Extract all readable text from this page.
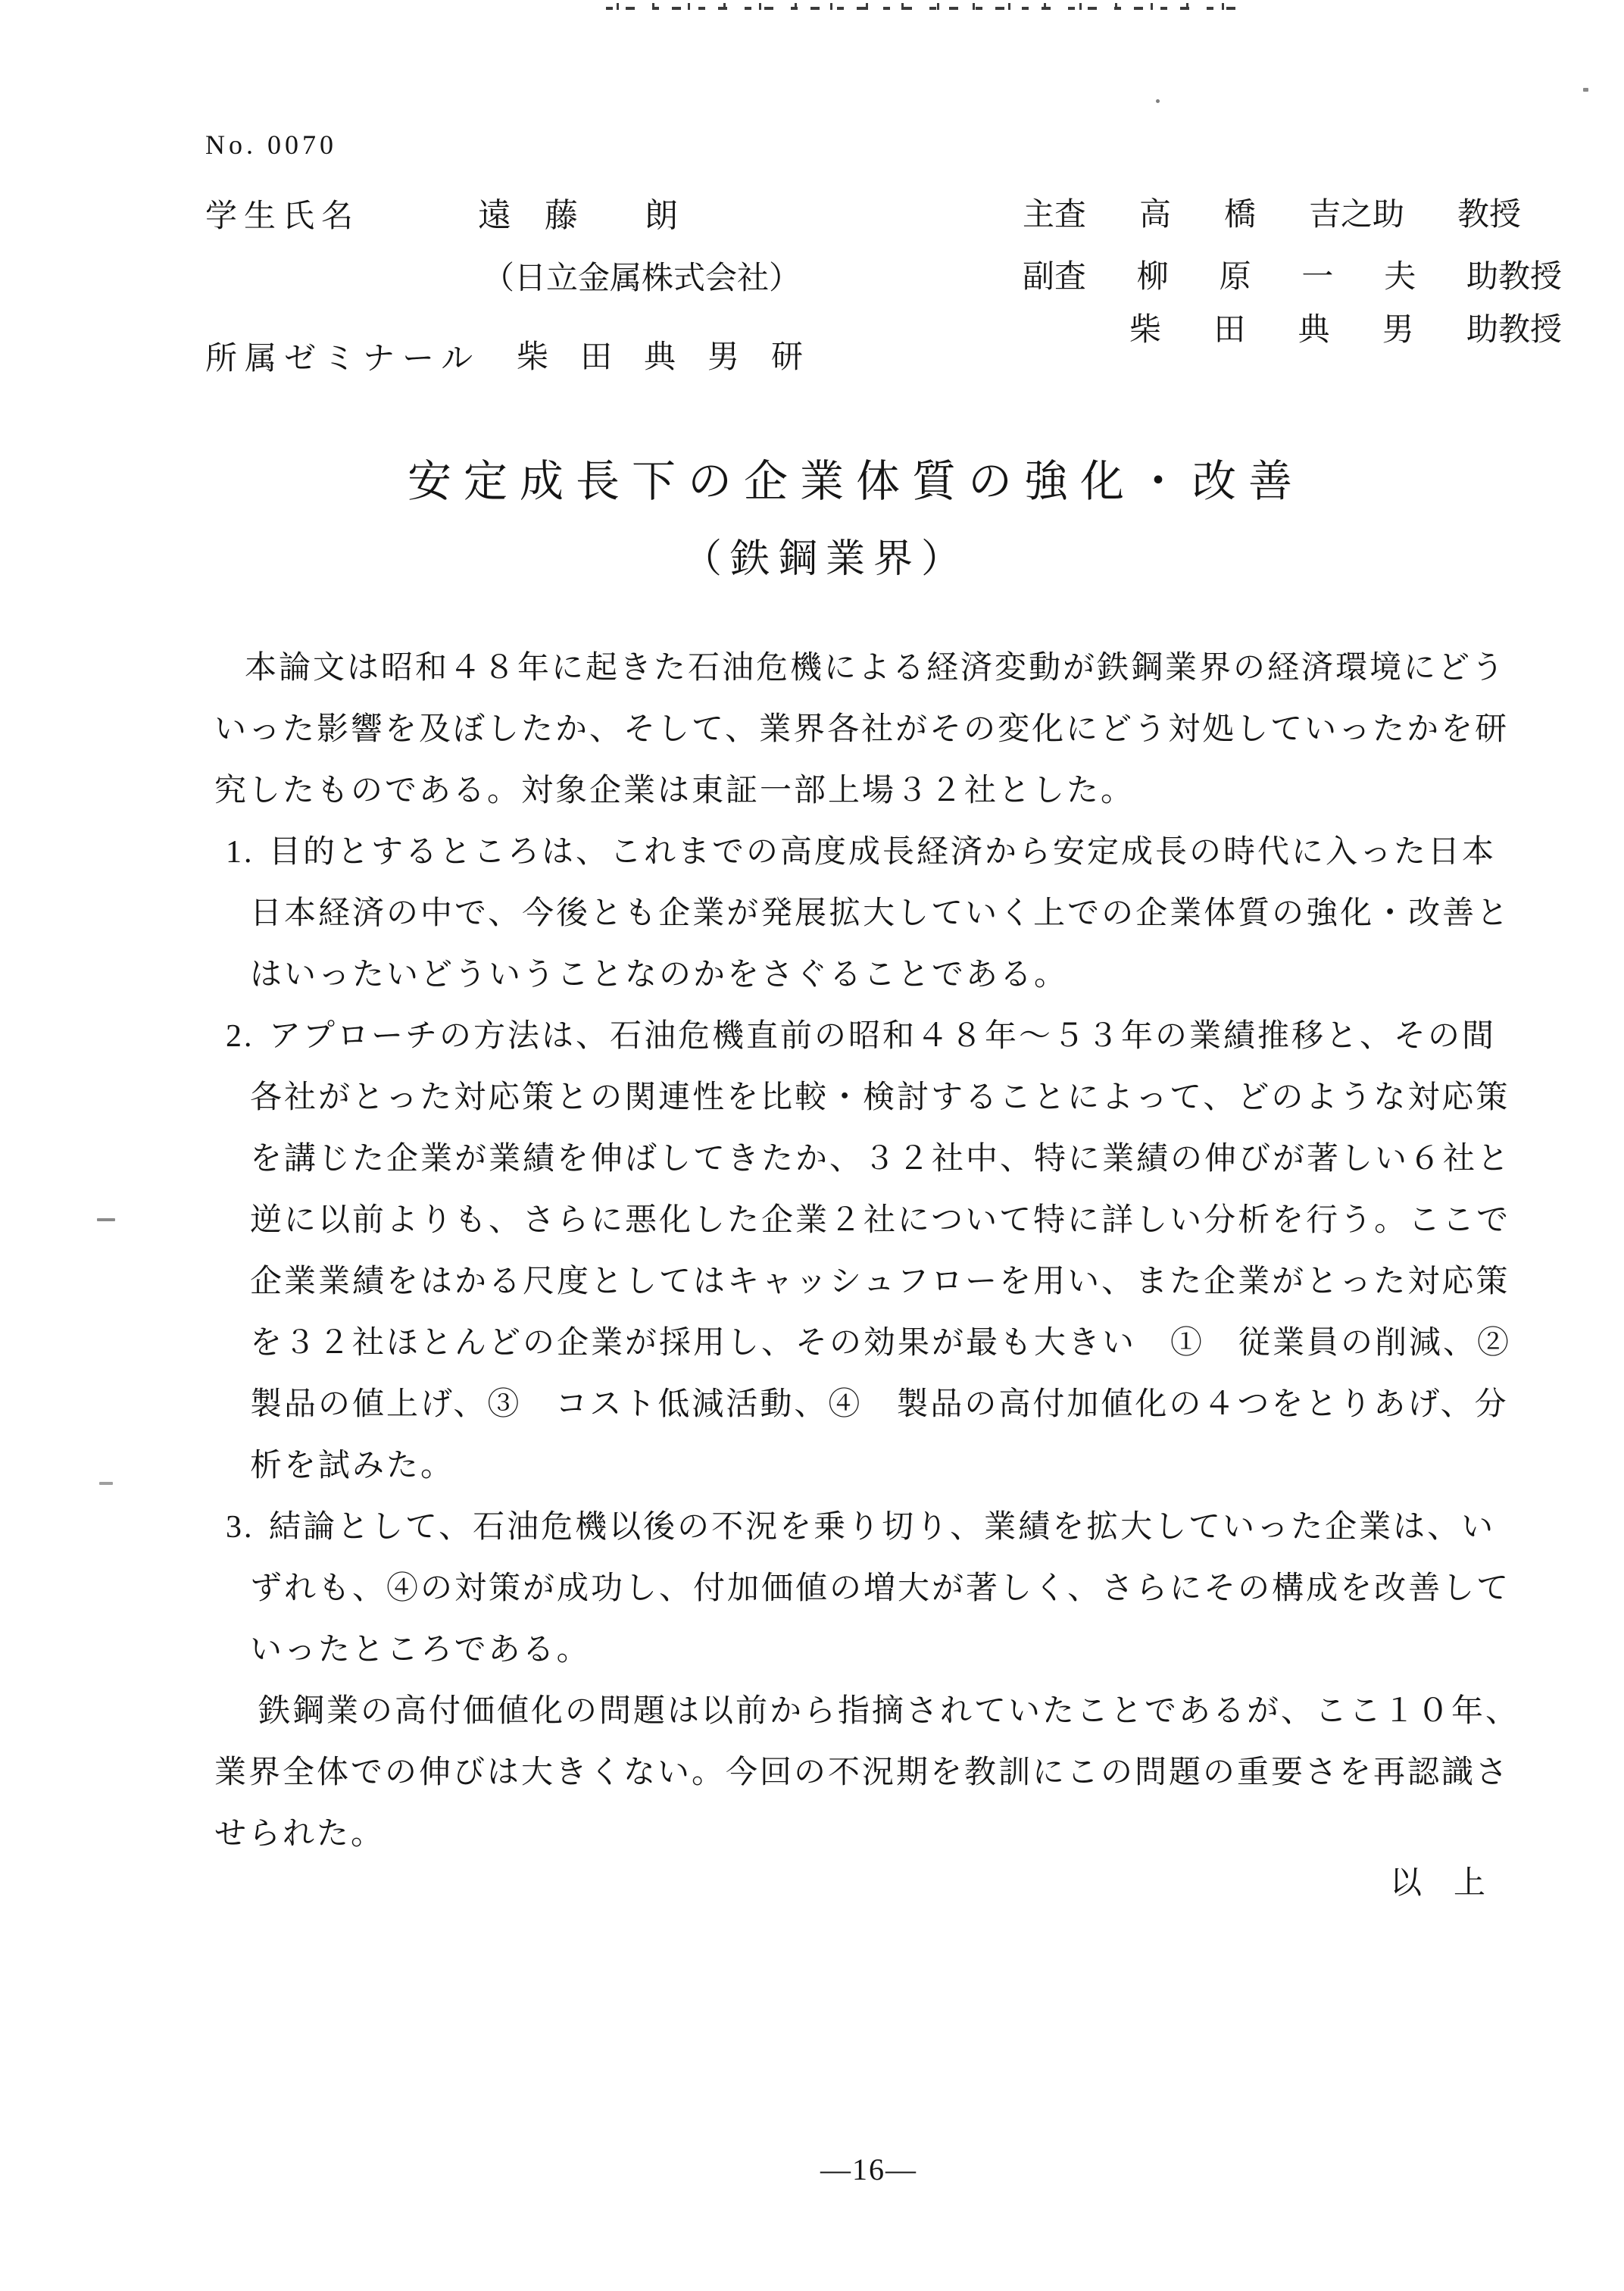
No. 0070
学生氏名	遠　藤　　朗	主査 高 橋 吉之助 教授
（日立金属株式会社）	副査 柳 原 一 夫 助教授
柴 田 典 男 助教授
所属ゼミナール 柴　田　典　男　研
安定成長下の企業体質の強化・改善
（鉄鋼業界）
本論文は昭和４８年に起きた石油危機による経済変動が鉄鋼業界の経済環境にどう
いった影響を及ぼしたか、そして、業界各社がその変化にどう対処していったかを研
究したものである。対象企業は東証一部上場３２社とした。
1. 目的とするところは、これまでの高度成長経済から安定成長の時代に入った日本
日本経済の中で、今後とも企業が発展拡大していく上での企業体質の強化・改善と
はいったいどういうことなのかをさぐることである。
2. アプローチの方法は、石油危機直前の昭和４８年～５３年の業績推移と、その間
各社がとった対応策との関連性を比較・検討することによって、どのような対応策
を講じた企業が業績を伸ばしてきたか、３２社中、特に業績の伸びが著しい６社と
逆に以前よりも、さらに悪化した企業２社について特に詳しい分析を行う。ここで
企業業績をはかる尺度としてはキャッシュフローを用い、また企業がとった対応策
を３２社ほとんどの企業が採用し、その効果が最も大きい　①　従業員の削減、②
製品の値上げ、③　コスト低減活動、④　製品の高付加値化の４つをとりあげ、分
析を試みた。
3. 結論として、石油危機以後の不況を乗り切り、業績を拡大していった企業は、い
ずれも、④の対策が成功し、付加価値の増大が著しく、さらにその構成を改善して
いったところである。
鉄鋼業の高付価値化の問題は以前から指摘されていたことであるが、ここ１０年、
業界全体での伸びは大きくない。今回の不況期を教訓にこの問題の重要さを再認識さ
せられた。
以　上
―16―
